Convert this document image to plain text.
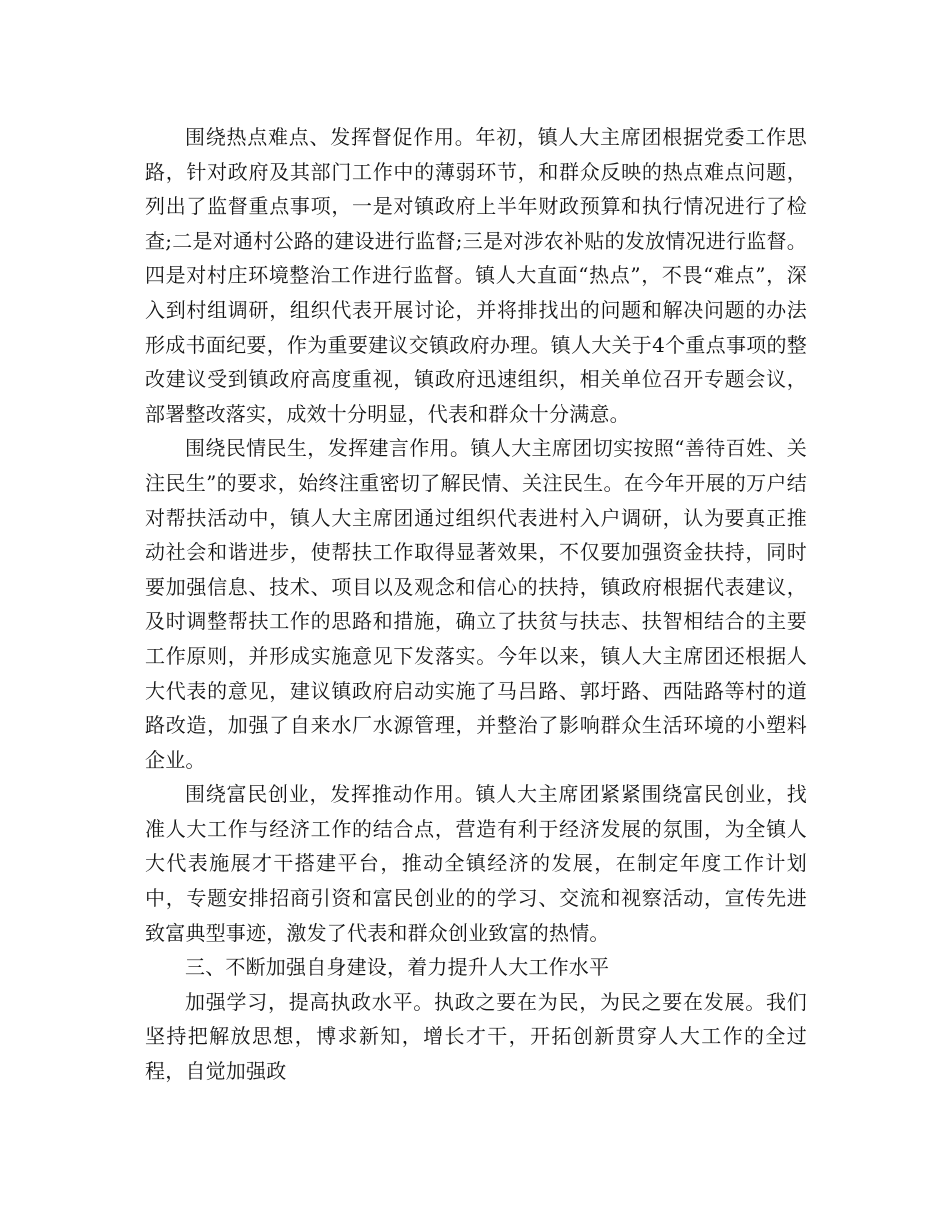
围绕热点难点、发挥督促作用。年初，镇人大主席团根据党委工作思路，针对政府及其部门工作中的薄弱环节，和群众反映的热点难点问题，列出了监督重点事项，一是对镇政府上半年财政预算和执行情况进行了检查;二是对通村公路的建设进行监督;三是对涉农补贴的发放情况进行监督。四是对村庄环境整治工作进行监督。镇人大直面“热点”，不畏“难点”，深入到村组调研，组织代表开展讨论，并将排找出的问题和解决问题的办法形成书面纪要，作为重要建议交镇政府办理。镇人大关于4个重点事项的整改建议受到镇政府高度重视，镇政府迅速组织，相关单位召开专题会议，部署整改落实，成效十分明显，代表和群众十分满意。

围绕民情民生，发挥建言作用。镇人大主席团切实按照“善待百姓、关注民生”的要求，始终注重密切了解民情、关注民生。在今年开展的万户结对帮扶活动中，镇人大主席团通过组织代表进村入户调研，认为要真正推动社会和谐进步，使帮扶工作取得显著效果，不仅要加强资金扶持，同时要加强信息、技术、项目以及观念和信心的扶持，镇政府根据代表建议，及时调整帮扶工作的思路和措施，确立了扶贫与扶志、扶智相结合的主要工作原则，并形成实施意见下发落实。今年以来，镇人大主席团还根据人大代表的意见，建议镇政府启动实施了马吕路、郭圩路、西陆路等村的道路改造，加强了自来水厂水源管理，并整治了影响群众生活环境的小塑料企业。

围绕富民创业，发挥推动作用。镇人大主席团紧紧围绕富民创业，找准人大工作与经济工作的结合点，营造有利于经济发展的氛围，为全镇人大代表施展才干搭建平台，推动全镇经济的发展，在制定年度工作计划中，专题安排招商引资和富民创业的的学习、交流和视察活动，宣传先进致富典型事迹，激发了代表和群众创业致富的热情。

三、不断加强自身建设，着力提升人大工作水平

加强学习，提高执政水平。执政之要在为民，为民之要在发展。我们坚持把解放思想，博求新知，增长才干，开拓创新贯穿人大工作的全过程，自觉加强政
